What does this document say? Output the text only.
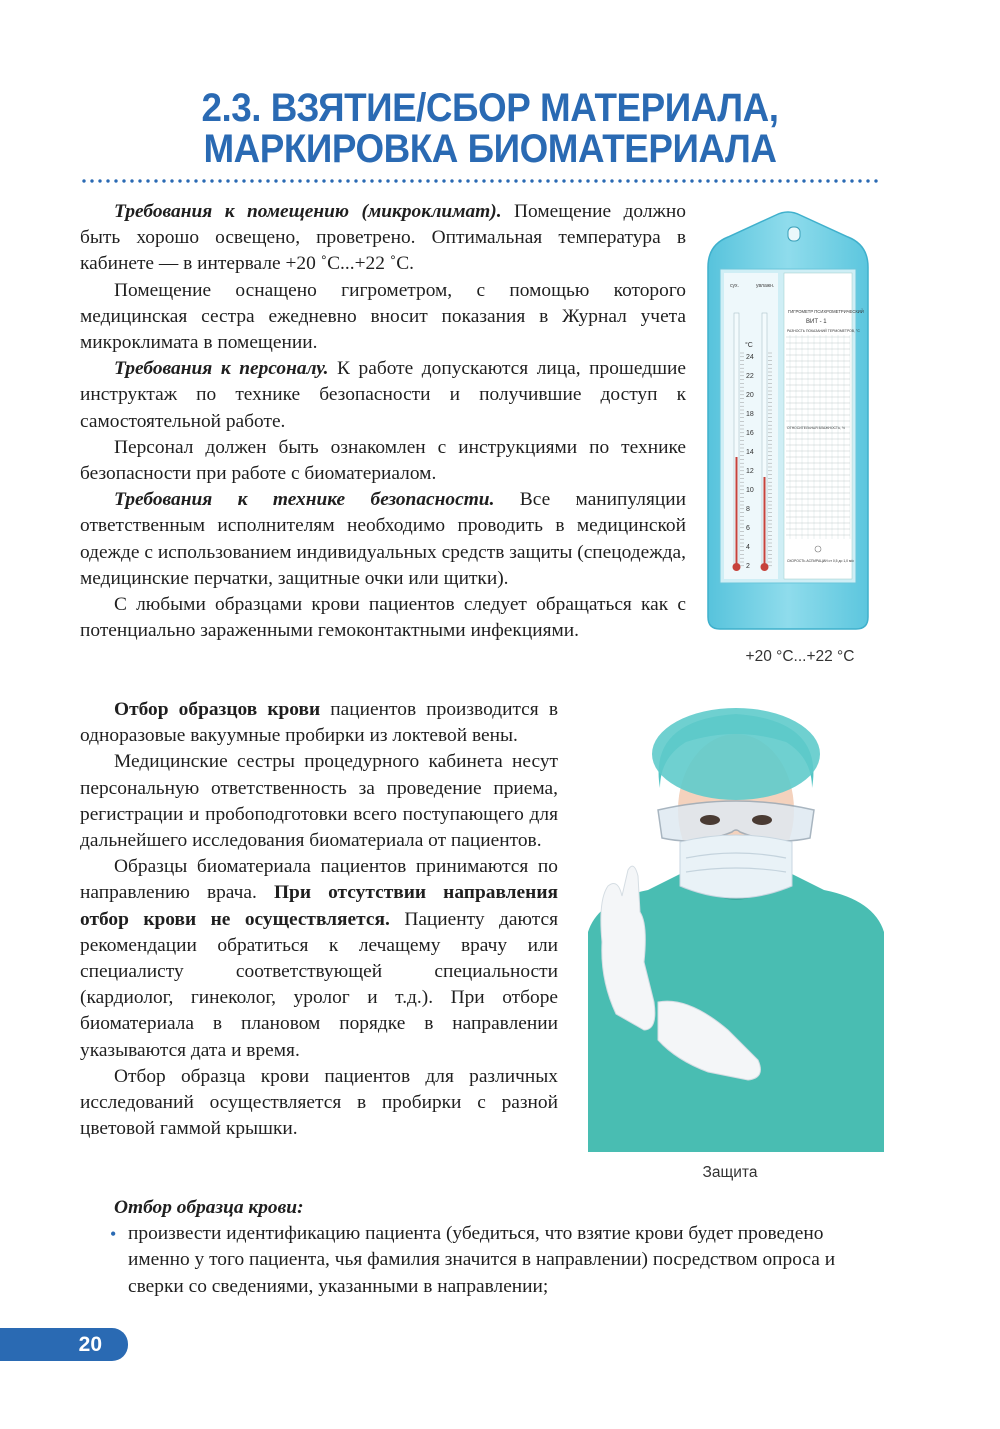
2.3. ВЗЯТИЕ/СБОР МАТЕРИАЛА,
МАРКИРОВКА БИОМАТЕРИАЛА

Требования к помещению (микроклимат). Помещение должно быть хорошо освещено, проветрено. Оптимальная температура в кабинете — в интервале +20 ˚С...+22 ˚С.

Помещение оснащено гигрометром, с помощью которого медицинская сестра ежедневно вносит показания в Журнал учета микроклимата в помещении.

Требования к персоналу. К работе допускаются лица, прошедшие инструктаж по технике безопасности и получившие доступ к самостоятельной работе.

Персонал должен быть ознакомлен с инструкциями по технике безопасности при работе с биоматериалом.

Требования к технике безопасности. Все манипуляции ответственным исполнителям необходимо проводить в медицинской одежде с использованием индивидуальных средств защиты (спецодежда, медицинские перчатки, защитные очки или щитки).

С любыми образцами крови пациентов следует обращаться как с потенциально зараженными гемоконтактными инфекциями.

Отбор образцов крови пациентов производится в одноразовые вакуумные пробирки из локтевой вены.

Медицинские сестры процедурного кабинета несут персональную ответственность за проведение приема, регистрации и пробоподготовки всего поступающего для дальнейшего исследования биоматериала от пациентов.

Образцы биоматериала пациентов принимаются по направлению врача. При отсутствии направления отбор крови не осуществляется. Пациенту даются рекомендации обратиться к лечащему врачу или специалисту соответствующей специальности (кардиолог, гинеколог, уролог и т.д.). При отборе биоматериала в плановом порядке в направлении указываются дата и время.

Отбор образца крови пациентов для различных исследований осуществляется в пробирки с разной цветовой гаммой крышки.

Отбор образца крови:

• произвести идентификацию пациента (убедиться, что взятие крови будет проведено именно у того пациента, чья фамилия значится в направлении) посредством опроса и сверки со сведениями, указанными в направлении;
сух.	увлажн.
°С
24
22
20
18
16
14
12
10
8
6
4
2
ГИГРОМЕТР ПСИХРОМЕТРИЧЕСКИЙ
ВИТ - 1
РАЗНОСТЬ ПОКАЗАНИЙ ТЕРМОМЕТРОВ, °С
ОТНОСИТЕЛЬНАЯ ВЛАЖНОСТЬ, %
СКОРОСТЬ АСПИРАЦИИ от 0,5 до 1,0 м/с
+20 °С...+22 °С
Защита
20
